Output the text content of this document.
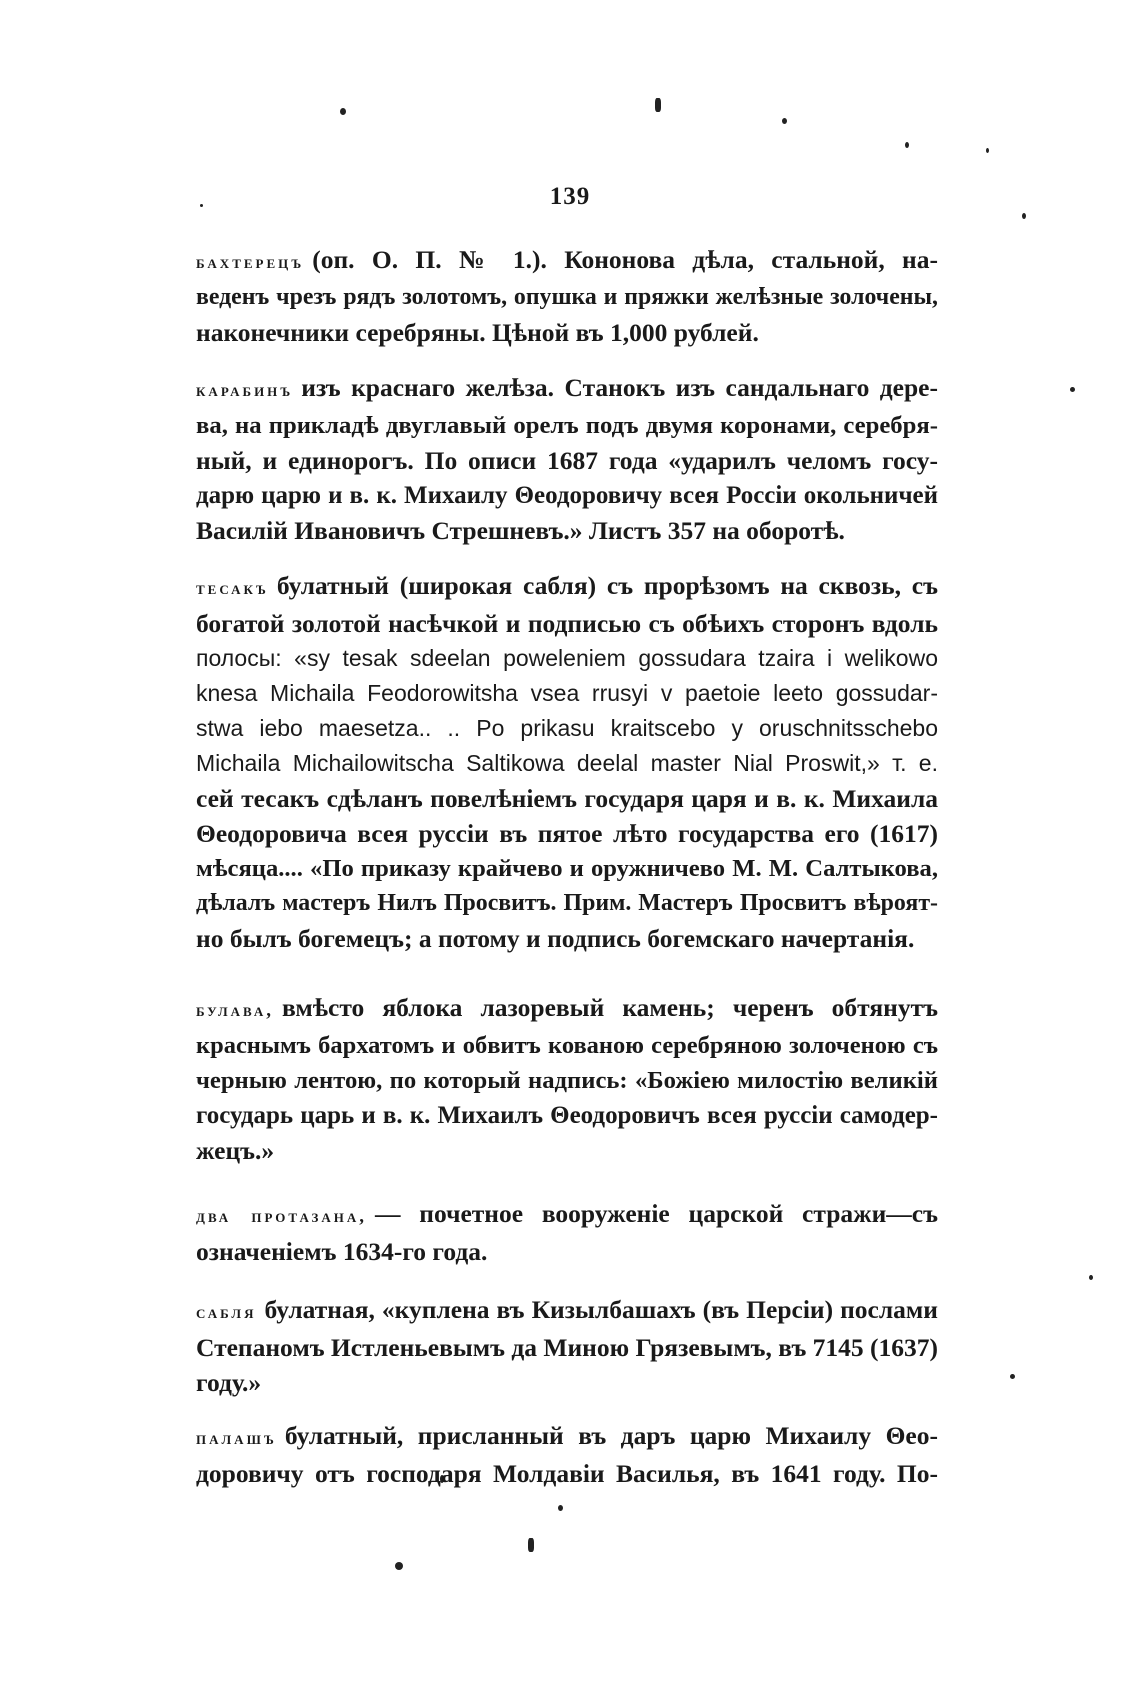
139
бахтерецъ (оп. О. П. № 1.). Кононова дѣла, стальной, на-
веденъ чрезъ рядъ золотомъ, опушка и пряжки желѣзные золочены,
наконечники серебряны. Цѣной въ 1,000 рублей.
карабинъ изъ краснаго желѣза. Станокъ изъ сандальнаго дере-
ва, на прикладѣ двуглавый орелъ подъ двумя коронами, серебря-
ный, и единорогъ. По описи 1687 года «ударилъ челомъ госу-
дарю царю и в. к. Михаилу Θеодоровичу всея Россіи окольничей
Василій Ивановичъ Стрешневъ.» Листъ 357 на оборотѣ.
тесакъ булатный (широкая сабля) съ прорѣзомъ на сквозь, съ
богатой золотой насѣчкой и подписью съ обѣихъ сторонъ вдоль
полосы: «sy tesak sdeelan poweleniem gossudara tzaira i welikowo
knesa Michaila Feodorowitsha vsea rrusyi v paetoie leeto gossudar-
stwa iebo maesetza.. .. Po prikasu kraitscebo y oruschnitsschebo
Michaila Michailowitscha Saltikowa deelal master Nial Proswit,» т. е.
сей тесакъ сдѣланъ повелѣніемъ государя царя и в. к. Михаила
Θеодоровича всея руссіи въ пятое лѣто государства его (1617)
мѣсяца.... «По приказу крайчево и оружничево М. М. Салтыкова,
дѣлалъ мастеръ Нилъ Просвитъ. Прим. Мастеръ Просвитъ вѣроят-
но былъ богемецъ; а потому и подпись богемскаго начертанія.
булава, вмѣсто яблока лазоревый камень; черенъ обтянутъ
краснымъ бархатомъ и обвитъ кованою серебряною золоченою съ
черныю лентою, по который надпись: «Божіею милостію великій
государь царь и в. к. Михаилъ Θеодоровичъ всея руссіи самодер-
жецъ.»
два протазана, — почетное вооруженіе царской стражи—съ
означеніемъ 1634-го года.
сабля булатная, «куплена въ Кизылбашахъ (въ Персіи) послами
Степаномъ Истленьевымъ да Миною Грязевымъ, въ 7145 (1637)
году.»
палашъ булатный, присланный въ даръ царю Михаилу Θео-
доровичу отъ господаря Молдавіи Василья, въ 1641 году. По-
